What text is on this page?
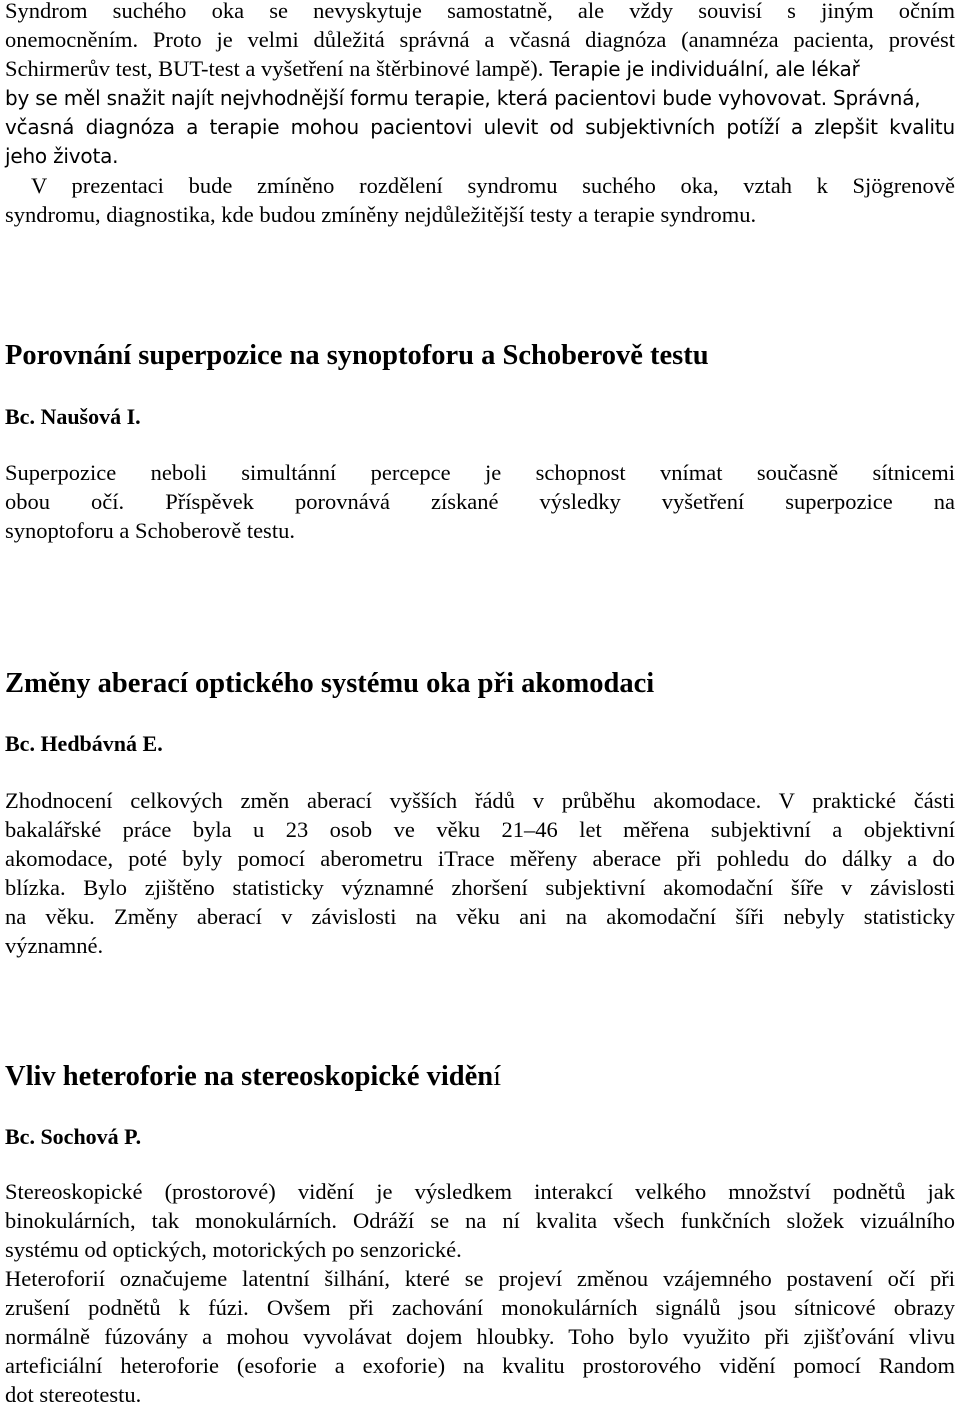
Syndrom suchého oka se nevyskytuje samostatně, ale vždy souvisí s jiným očním
onemocněním. Proto je velmi důležitá správná a včasná diagnóza (anamnéza pacienta, provést
Schirmerův test, BUT-test a vyšetření na štěrbinové lampě). Terapie je individuální, ale lékař
by se měl snažit najít nejvhodnější formu terapie, která pacientovi bude vyhovovat. Správná,
včasná diagnóza a terapie mohou pacientovi ulevit od subjektivních potíží a zlepšit kvalitu
jeho života.
V prezentaci bude zmíněno rozdělení syndromu suchého oka, vztah k Sjögrenově
syndromu, diagnostika, kde budou zmíněny nejdůležitější testy a terapie syndromu.
Porovnání superpozice na synoptoforu a Schoberově testu

Bc. Naušová I.

Superpozice neboli simultánní percepce je schopnost vnímat současně sítnicemi
obou očí. Příspěvek porovnává získané výsledky vyšetření superpozice na
synoptoforu a Schoberově testu.
Změny aberací optického systému oka při akomodaci

Bc. Hedbávná E.

Zhodnocení celkových změn aberací vyšších řádů v průběhu akomodace. V praktické části
bakalářské práce byla u 23 osob ve věku 21–46 let měřena subjektivní a objektivní
akomodace, poté byly pomocí aberometru iTrace měřeny aberace při pohledu do dálky a do
blízka. Bylo zjištěno statisticky významné zhoršení subjektivní akomodační šíře v závislosti
na věku. Změny aberací v závislosti na věku ani na akomodační šíři nebyly statisticky
významné.
Vliv heteroforie na stereoskopické vidění

Bc. Sochová P.

Stereoskopické (prostorové) vidění je výsledkem interakcí velkého množství podnětů jak
binokulárních, tak monokulárních. Odráží se na ní kvalita všech funkčních složek vizuálního
systému od optických, motorických po senzorické.
Heteroforií označujeme latentní šilhání, které se projeví změnou vzájemného postavení očí při
zrušení podnětů k fúzi. Ovšem při zachování monokulárních signálů jsou sítnicové obrazy
normálně fúzovány a mohou vyvolávat dojem hloubky. Toho bylo využito při zjišťování vlivu
arteficiální heteroforie (esoforie a exoforie) na kvalitu prostorového vidění pomocí Random
dot stereotestu.
